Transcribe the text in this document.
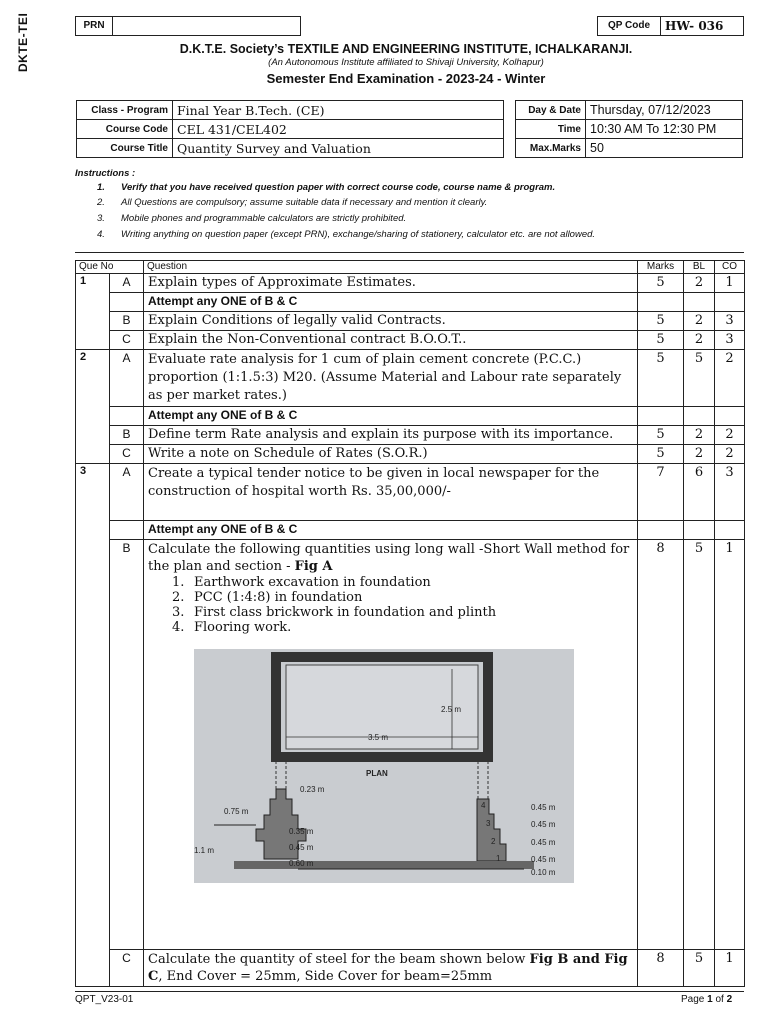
DKTE-TEI	PRN	QP Code	HW- 036
D.K.T.E. Society’s TEXTILE AND ENGINEERING INSTITUTE, ICHALKARANJI.
(An Autonomous Institute affiliated to Shivaji University, Kolhapur)
Semester End Examination - 2023-24 - Winter
Class - Program	Final Year B.Tech. (CE)
Course Code	CEL 431/CEL402
Course Title	Quantity Survey and Valuation
Day & Date	Thursday, 07/12/2023
Time	10:30 AM To 12:30 PM
Max.Marks	50
Instructions :
1. Verify that you have received question paper with correct course code, course name & program.
2. All Questions are compulsory; assume suitable data if necessary and mention it clearly.
3. Mobile phones and programmable calculators are strictly prohibited.
4. Writing anything on question paper (except PRN), exchange/sharing of stationery, calculator etc. are not allowed.
Que No		Question	Marks	BL	CO
1	A	Explain types of Approximate Estimates.	5	2	1
		Attempt any ONE of B & C			
	B	Explain Conditions of legally valid Contracts.	5	2	3
	C	Explain the Non-Conventional contract B.O.O.T..	5	2	3
2	A	Evaluate rate analysis for 1 cum of plain cement concrete (P.C.C.) proportion (1:1.5:3) M20. (Assume Material and Labour rate separately as per market rates.)	5	5	2
		Attempt any ONE of B & C			
	B	Define term Rate analysis and explain its purpose with its importance.	5	2	2
	C	Write a note on Schedule of Rates (S.O.R.)	5	2	2
3	A	Create a typical tender notice to be given in local newspaper for the construction of hospital worth Rs. 35,00,000/-	7	6	3
		Attempt any ONE of B & C			
	B	Calculate the following quantities using long wall -Short Wall method for the plan and section - Fig A
1. Earthwork excavation in foundation
2. PCC (1:4:8) in foundation
3. First class brickwork in foundation and plinth
4. Flooring work.	8	5	1
	C	Calculate the quantity of steel for the beam shown below Fig B and Fig C, End Cover = 25mm, Side Cover for beam=25mm	8	5	1
2.5 m
3.5 m
PLAN
0.23 m
0.75 m
0.35 m
0.45 m
0.60 m
1.1 m
0.45 m
0.45 m
0.45 m
0.45 m
0.10 m
4
3
2
1
QPT_V23-01	Page 1 of 2
